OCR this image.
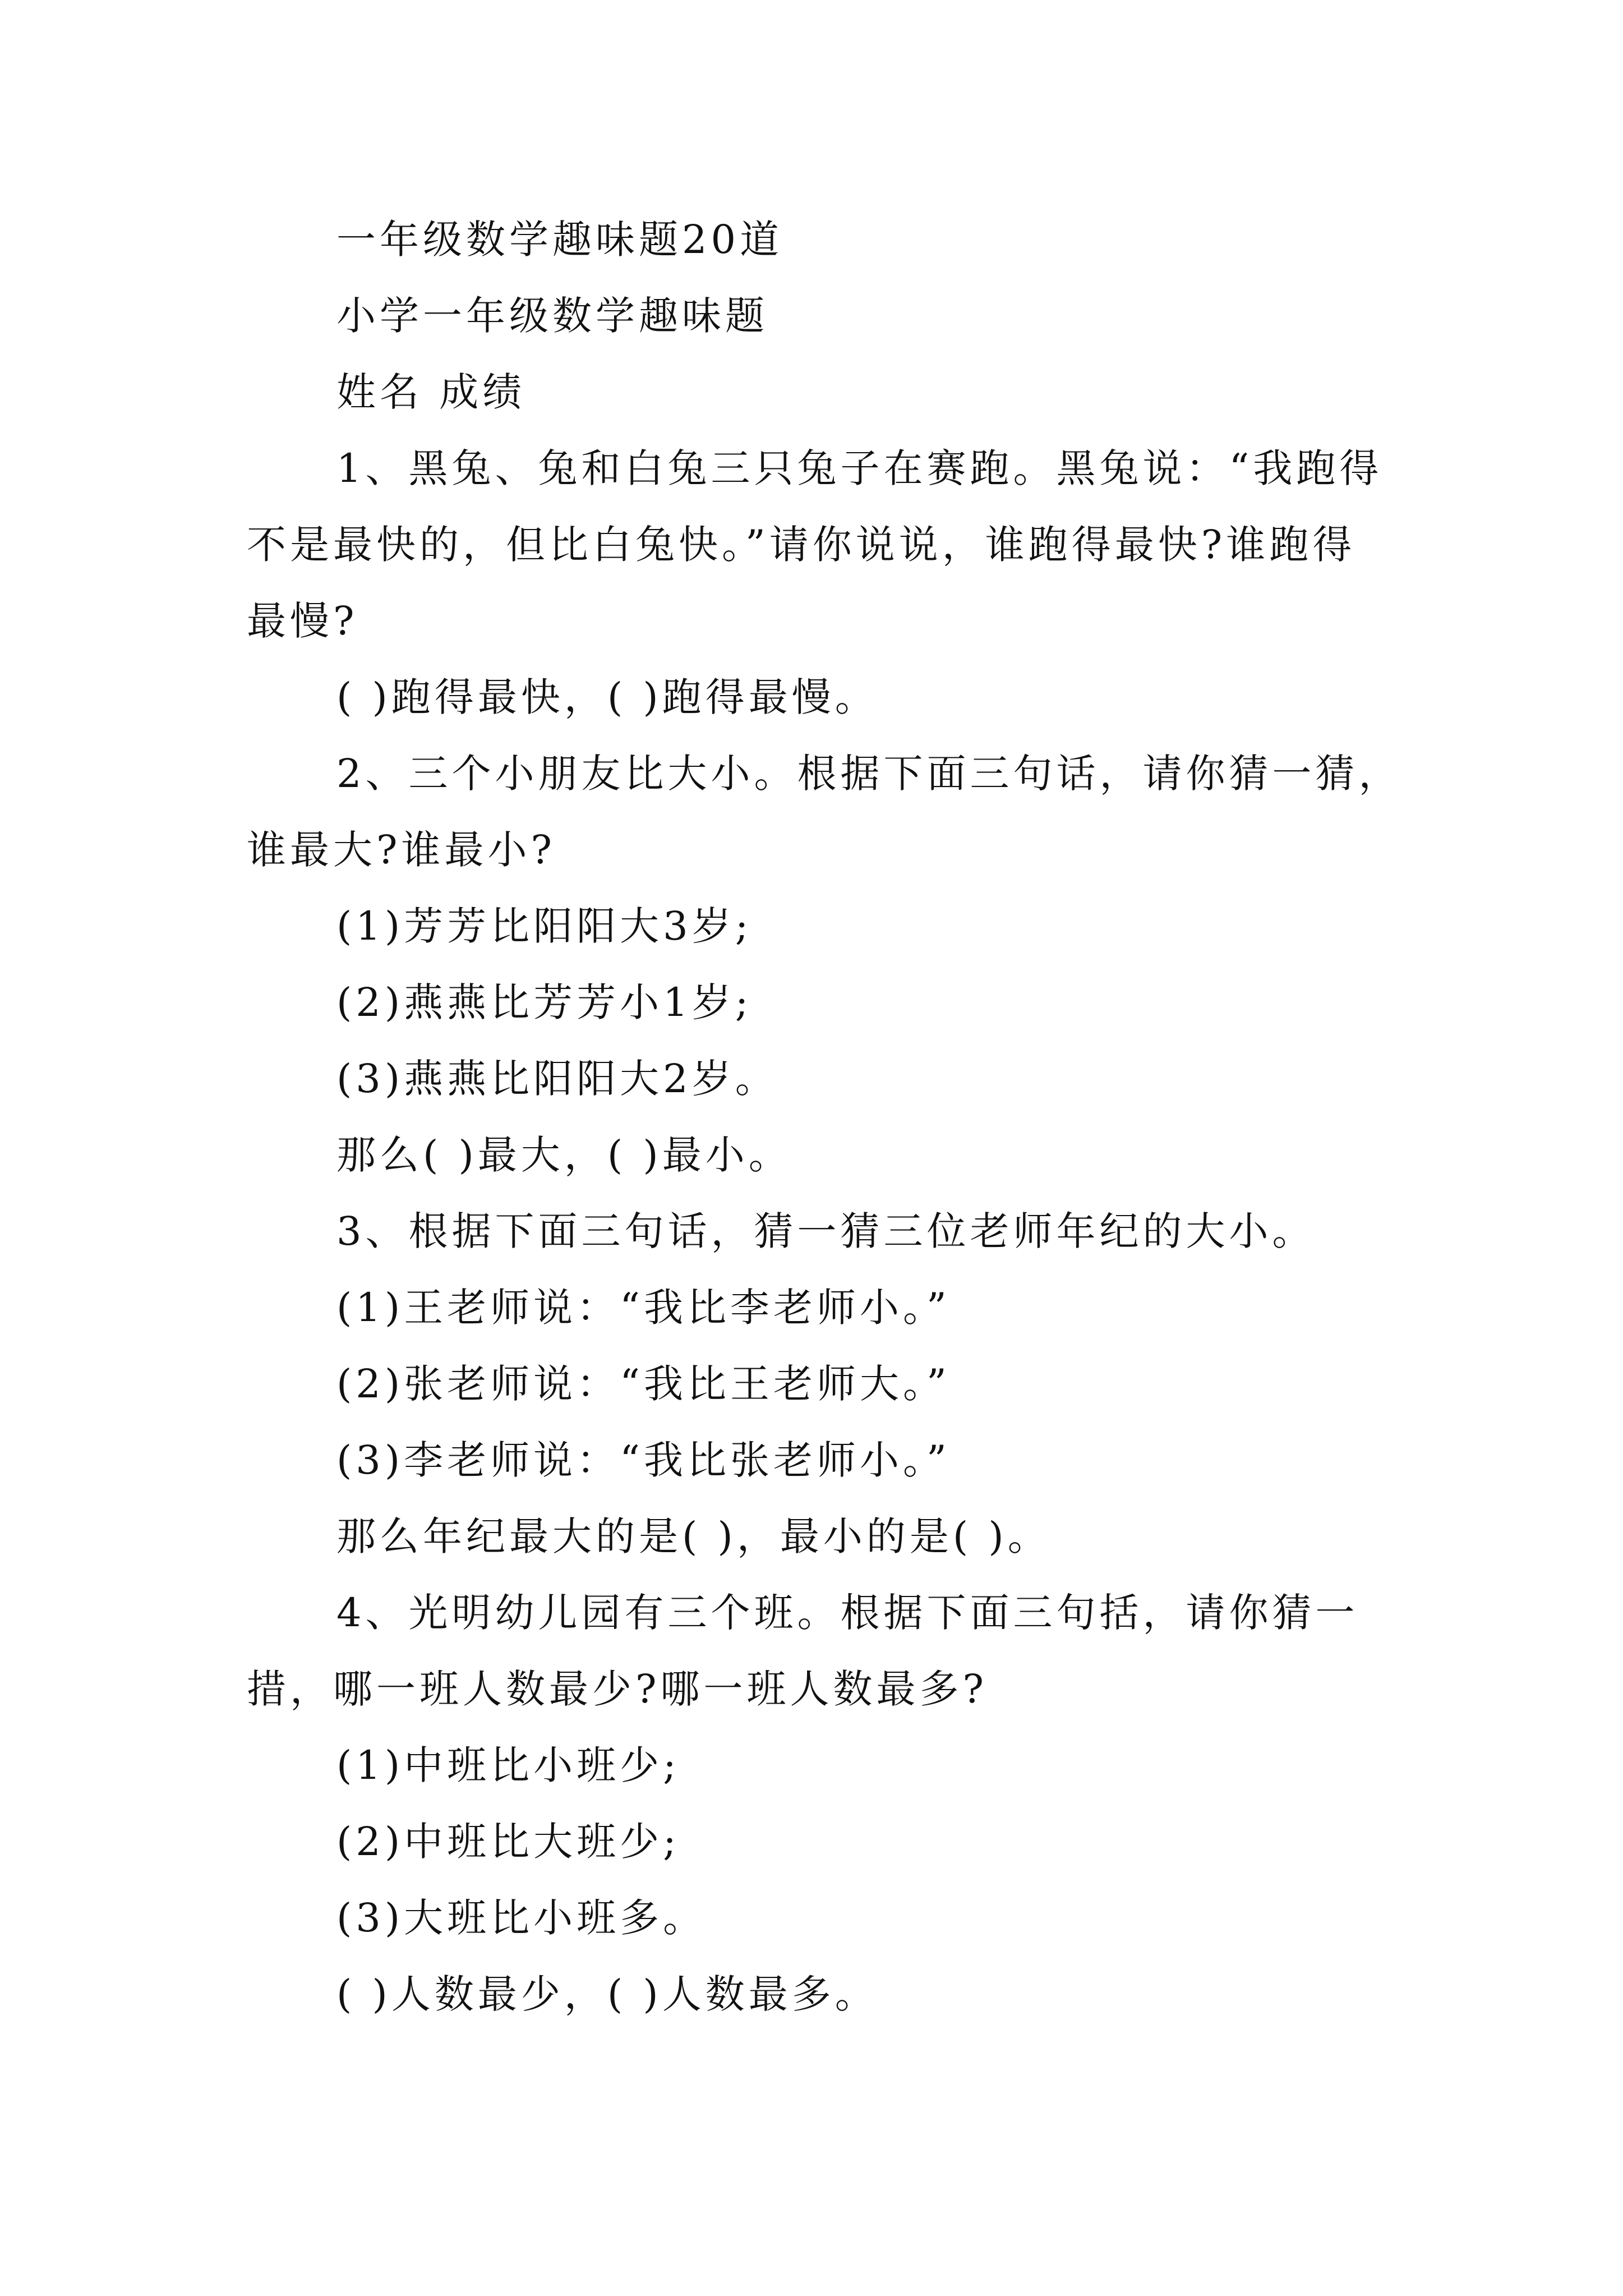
一年级数学趣味题20道
小学一年级数学趣味题
姓名 成绩
1、黑兔、兔和白兔三只兔子在赛跑。黑兔说：“我跑得
不是最快的，但比白兔快。”请你说说，谁跑得最快?谁跑得
最慢?
( )跑得最快，( )跑得最慢。
2、三个小朋友比大小。根据下面三句话，请你猜一猜，
谁最大?谁最小?
(1)芳芳比阳阳大3岁;
(2)燕燕比芳芳小1岁;
(3)燕燕比阳阳大2岁。
那么( )最大，( )最小。
3、根据下面三句话，猜一猜三位老师年纪的大小。
(1)王老师说：“我比李老师小。”
(2)张老师说：“我比王老师大。”
(3)李老师说：“我比张老师小。”
那么年纪最大的是( )，最小的是( )。
4、光明幼儿园有三个班。根据下面三句括，请你猜一
措，哪一班人数最少?哪一班人数最多?
(1)中班比小班少;
(2)中班比大班少;
(3)大班比小班多。
( )人数最少，( )人数最多。
